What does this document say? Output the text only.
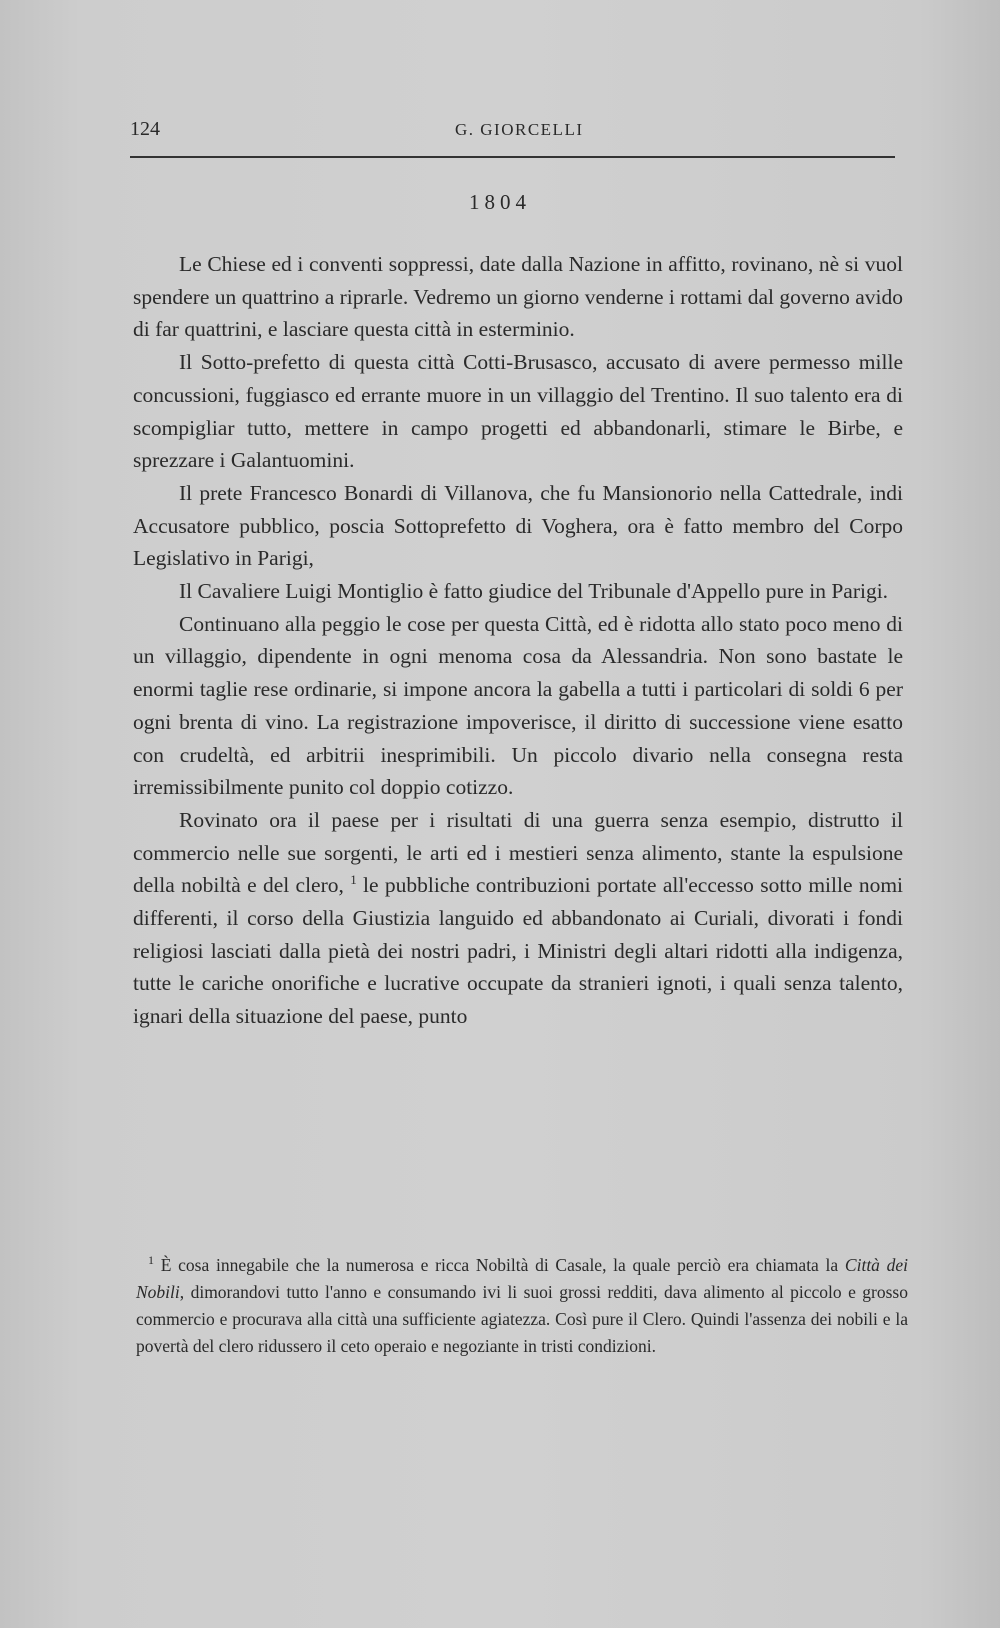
124	G. GIORCELLI
1804

Le Chiese ed i conventi soppressi, date dalla Nazione in affitto, rovinano, nè si vuol spendere un quattrino a riprarle. Vedremo un giorno venderne i rottami dal governo avido di far quattrini, e lasciare questa città in esterminio.

Il Sotto-prefetto di questa città Cotti-Brusasco, accusato di avere permesso mille concussioni, fuggiasco ed errante muore in un villaggio del Trentino. Il suo talento era di scompigliar tutto, mettere in campo progetti ed abbandonarli, stimare le Birbe, e sprezzare i Galantuomini.

Il prete Francesco Bonardi di Villanova, che fu Mansionorio nella Cattedrale, indi Accusatore pubblico, poscia Sottoprefetto di Voghera, ora è fatto membro del Corpo Legislativo in Parigi,

Il Cavaliere Luigi Montiglio è fatto giudice del Tribunale d'Appello pure in Parigi.

Continuano alla peggio le cose per questa Città, ed è ridotta allo stato poco meno di un villaggio, dipendente in ogni menoma cosa da Alessandria. Non sono bastate le enormi taglie rese ordinarie, si impone ancora la gabella a tutti i particolari di soldi 6 per ogni brenta di vino. La registrazione impoverisce, il diritto di successione viene esatto con crudeltà, ed arbitrii inesprimibili. Un piccolo divario nella consegna resta irremissibilmente punito col doppio cotizzo.

Rovinato ora il paese per i risultati di una guerra senza esempio, distrutto il commercio nelle sue sorgenti, le arti ed i mestieri senza alimento, stante la espulsione della nobiltà e del clero, $^1$ le pubbliche contribuzioni portate all'eccesso sotto mille nomi differenti, il corso della Giustizia languido ed abbandonato ai Curiali, divorati i fondi religiosi lasciati dalla pietà dei nostri padri, i Ministri degli altari ridotti alla indigenza, tutte le cariche onorifiche e lucrative occupate da stranieri ignoti, i quali senza talento, ignari della situazione del paese, punto

$^1$ È cosa innegabile che la numerosa e ricca Nobiltà di Casale, la quale perciò era chiamata la Città dei Nobili, dimorandovi tutto l'anno e consumando ivi li suoi grossi redditi, dava alimento al piccolo e grosso commercio e procurava alla città una sufficiente agiatezza. Così pure il Clero. Quindi l'assenza dei nobili e la povertà del clero ridussero il ceto operaio e negoziante in tristi condizioni.
